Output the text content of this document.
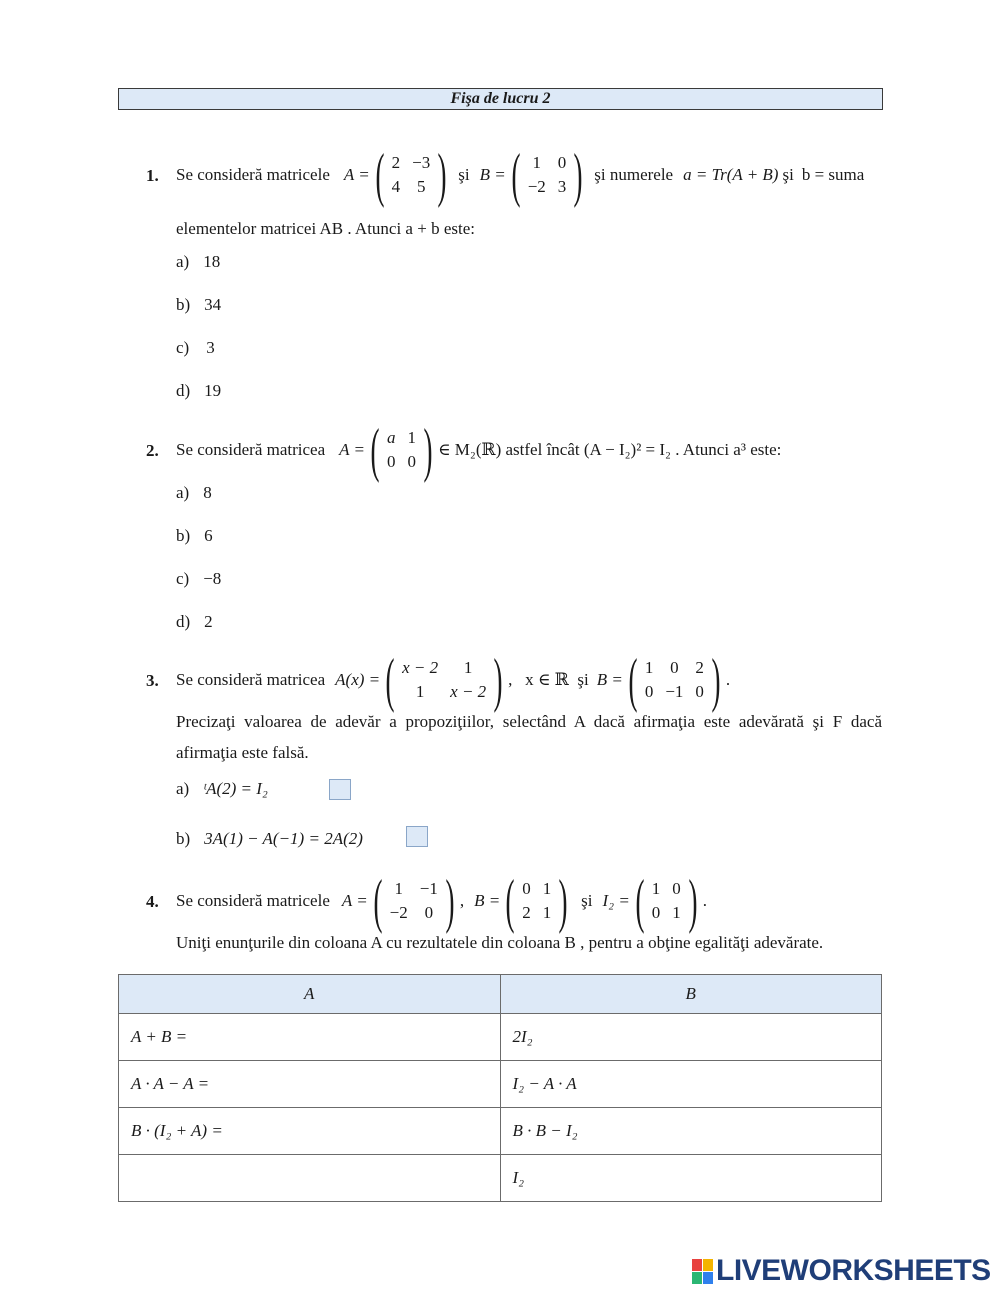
Fişa de lucru 2
1. Se consideră matricele A = ( 2	−3
4	5 ) şi B = ( 1	0
−2	3 ) şi numerele a = Tr(A + B) şi b = suma
elementelor matricei AB . Atunci a + b este:
a) 18
b) 34
c) 3
d) 19
2. Se consideră matricea A = ( a	1
0	0 ) ∈ M₂(ℝ) astfel încât (A − I₂)² = I₂ . Atunci a³ este:
a) 8
b) 6
c) −8
d) 2
3. Se consideră matricea A(x) = ( x − 2	1
1	x − 2 ) ,   x ∈ ℝ  şi B = ( 1	0	2
0	−1	0 ) .
Precizaţi valoarea de adevăr a propoziţiilor, selectând A dacă afirmaţia este adevărată şi F dacă
afirmaţia este falsă.
a) ᵗA(2) = I₂
b) 3A(1) − A(−1) = 2A(2)
4. Se consideră matricele A = ( 1	−1
−2	0 ) , B = ( 0	1
2	1 ) şi I₂ = ( 1	0
0	1 ) .
Uniţi enunţurile din coloana A cu rezultatele din coloana B , pentru a obţine egalităţi adevărate.
A	B
A + B =	2I₂
A · A − A =	I₂ − A · A
B · (I₂ + A) =	B · B − I₂
	I₂
LIVEWORKSHEETS
